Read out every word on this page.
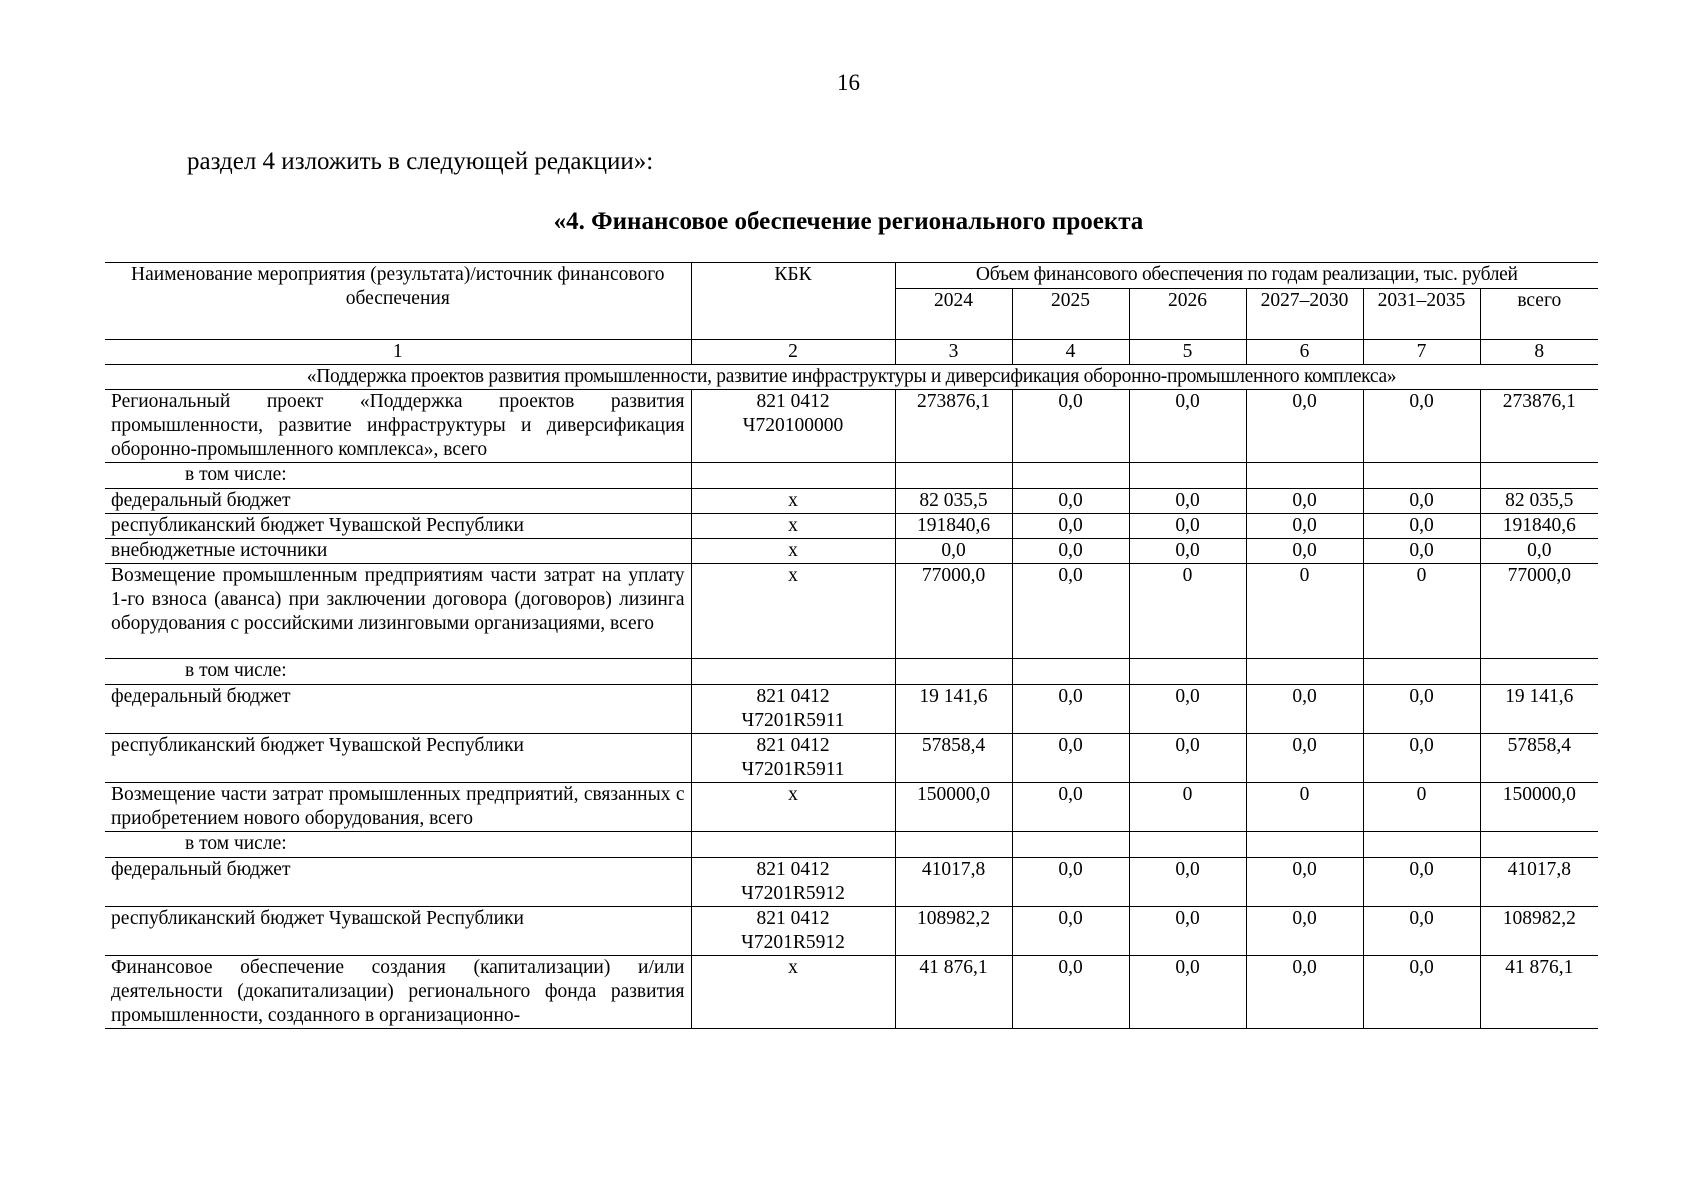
16
раздел 4 изложить в следующей редакции»:
«4. Финансовое обеспечение регионального проекта
Наименование мероприятия (результата)/источник финансового обеспечения	КБК	Объем финансового обеспечения по годам реализации, тыс. рублей					
		2024	2025	2026	2027–2030	2031–2035	всего
1	2	3	4	5	6	7	8
«Поддержка проектов развития промышленности, развитие инфраструктуры и диверсификация оборонно-промышленного комплекса»							
Региональный проект «Поддержка проектов развития промышленности, развитие инфраструктуры и диверсификация оборонно-промышленного комплекса», всего	821 0412 Ч720100000	273876,1	0,0	0,0	0,0	0,0	273876,1
в том числе:							
федеральный бюджет	x	82 035,5	0,0	0,0	0,0	0,0	82 035,5
республиканский бюджет Чувашской Республики	x	191840,6	0,0	0,0	0,0	0,0	191840,6
внебюджетные источники	x	0,0	0,0	0,0	0,0	0,0	0,0
Возмещение промышленным предприятиям части затрат на уплату 1-го взноса (аванса) при заключении договора (договоров) лизинга оборудования с российскими лизинговыми организациями, всего	x	77000,0	0,0	0	0	0	77000,0
в том числе:							
федеральный бюджет	821 0412 Ч7201R5911	19 141,6	0,0	0,0	0,0	0,0	19 141,6
республиканский бюджет Чувашской Республики	821 0412 Ч7201R5911	57858,4	0,0	0,0	0,0	0,0	57858,4
Возмещение части затрат промышленных предприятий, связанных с приобретением нового оборудования, всего	x	150000,0	0,0	0	0	0	150000,0
в том числе:							
федеральный бюджет	821 0412 Ч7201R5912	41017,8	0,0	0,0	0,0	0,0	41017,8
республиканский бюджет Чувашской Республики	821 0412 Ч7201R5912	108982,2	0,0	0,0	0,0	0,0	108982,2
Финансовое обеспечение создания (капитализации) и/или деятельности (докапитализации) регионального фонда развития промышленности, созданного в организационно-	x	41 876,1	0,0	0,0	0,0	0,0	41 876,1
